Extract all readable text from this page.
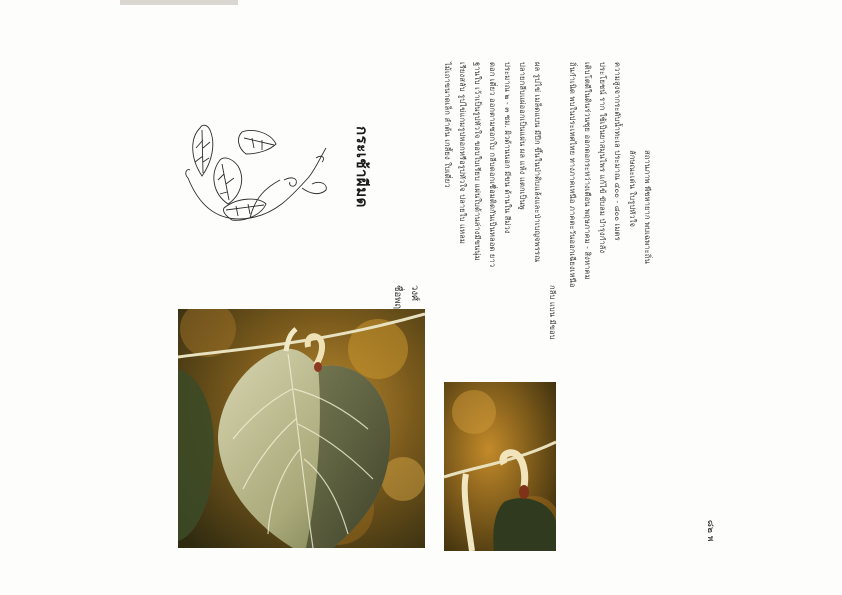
กระเช้าผีมด

วงศ์
ไม้เถาขนาดเล็ก ลำต้น เกลี้ยง ใบเดี่ยว เรียงสลับ รูปไข่แกมรูปหอกหรือรูปหัวใจ ปลายใบ แหลม ฐานใบ เว้าเป็นรูปหัวใจ ขอบใบเรียบ แผ่นใบด้านล่างมีขนนุ่ม ดอก เดี่ยว ออกตามซอกใบ กลีบดอกเชื่อมติดกันเป็นหลอด ยาว ประมาณ ๒ - ๓ ซม. ผิวด้านนอก มีขน ด้านใน สีม่วง ปลายกลีบแผ่ออกเป็นแผ่น ผล แห้ง แตกเป็นพู ผล รูปไข่ เมล็ดแบน มีปีก ขึ้นในป่าดิบแล้งและป่าเบญจพรรณ
กลีบ แบน มีขอบ
ถิ่นกำเนิด พบในประเทศไทย ทางภาคเหนือ ภาคตะวันออกเฉียงเหนือ เติบโตดีในดินร่วนซุย ออกดอกระหว่างเดือน พฤษภาคม - สิงหาคม ประโยชน์ ราก ใช้เป็นยาสมุนไพร แก้ไข้ ขับลม บำรุงกำลัง ความสูงจากระดับน้ำทะเล ประมาณ ๔๐๐ - ๘๐๐ เมตร ลักษณะเด่น ใบรูปหัวใจ สถานภาพ พืชหายาก พบเฉพาะถิ่น
๘๒ พ
